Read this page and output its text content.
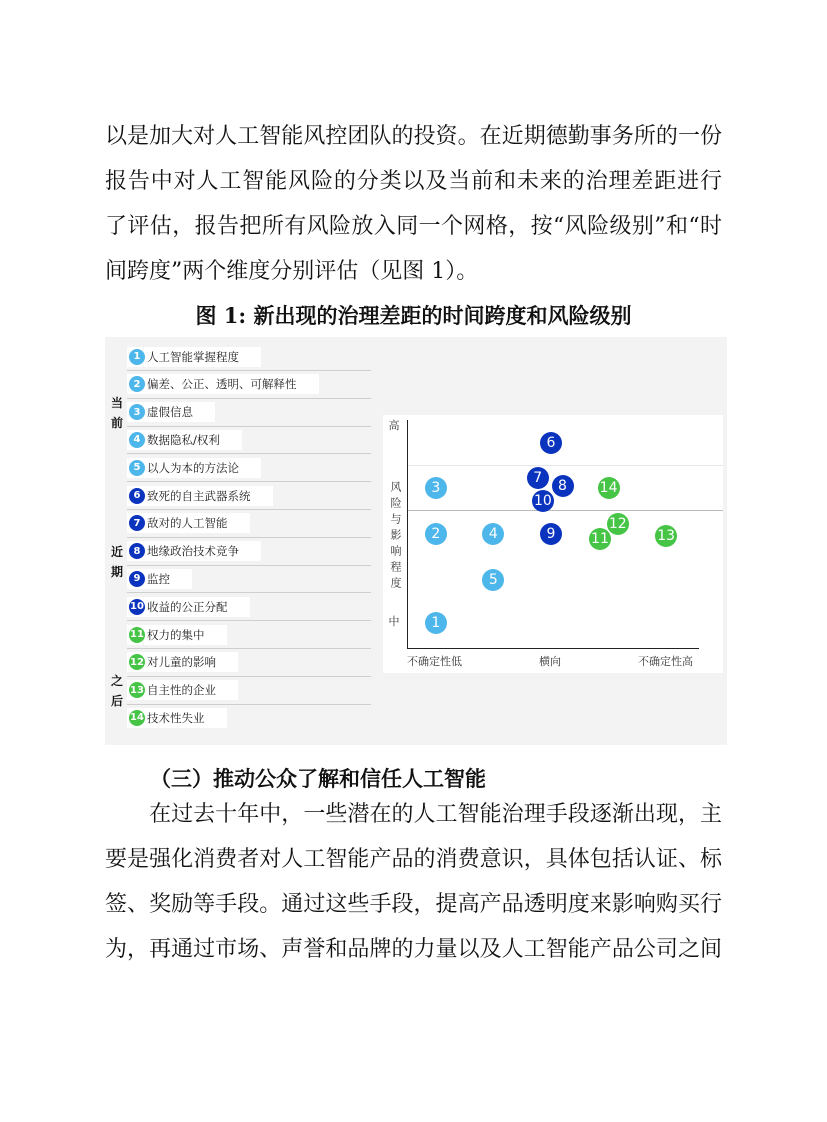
以是加大对人工智能风控团队的投资。在近期德勤事务所的一份
报告中对人工智能风险的分类以及当前和未来的治理差距进行
了评估，报告把所有风险放入同一个网格，按“风险级别”和“时
间跨度”两个维度分别评估（见图 1）。
图 1: 新出现的治理差距的时间跨度和风险级别
当前
近期
之后
1 人工智能掌握程度
2 偏差、公正、透明、可解释性
3 虚假信息
4 数据隐私/权利
5 以人为本的方法论
6 致死的自主武器系统
7 敌对的人工智能
8 地缘政治技术竞争
9 监控
10 收益的公正分配
11 权力的集中
12 对儿童的影响
13 自主性的企业
14 技术性失业
高
风险与影响程度
中
不确定性低	横向	不确定性高
1
2
3
4
5
6
7	8
9
10
11
12
13
14
（三）推动公众了解和信任人工智能
　　在过去十年中，一些潜在的人工智能治理手段逐渐出现，主
要是强化消费者对人工智能产品的消费意识，具体包括认证、标
签、奖励等手段。通过这些手段，提高产品透明度来影响购买行
为，再通过市场、声誉和品牌的力量以及人工智能产品公司之间
